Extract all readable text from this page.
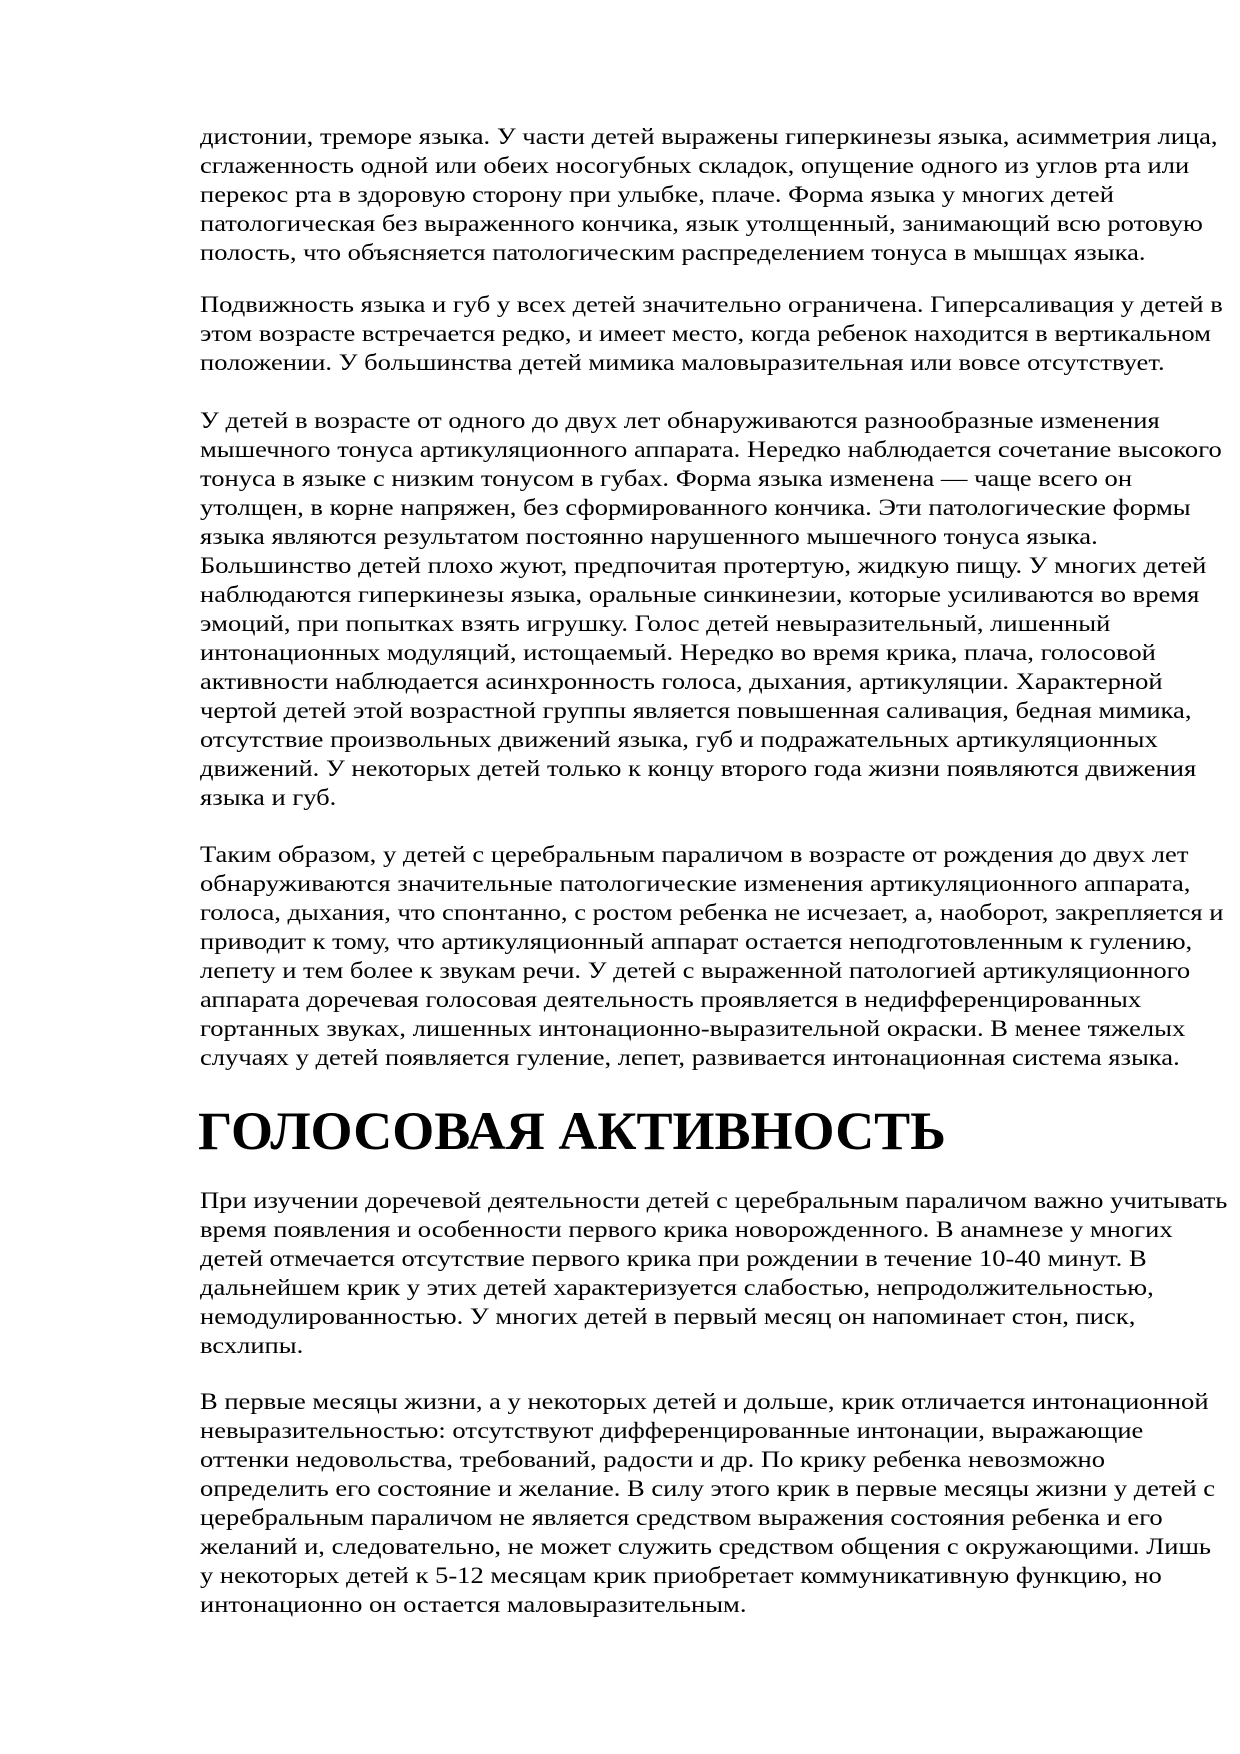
дистонии, треморе языка. У части детей выражены гиперкинезы языка, асимметрия лица,
сглаженность одной или обеих носогубных складок, опущение одного из углов рта или
перекос рта в здоровую сторону при улыбке, плаче. Форма языка у многих детей
патологическая без выраженного кончика, язык утолщенный, занимающий всю ротовую
полость, что объясняется патологическим распределением тонуса в мышцах языка.
Подвижность языка и губ у всех детей значительно ограничена. Гиперсаливация у детей в
этом возрасте встречается редко, и имеет место, когда ребенок находится в вертикальном
положении. У большинства детей мимика маловыразительная или вовсе отсутствует.
У детей в возрасте от одного до двух лет обнаруживаются разнообразные изменения
мышечного тонуса артикуляционного аппарата. Нередко наблюдается сочетание высокого
тонуса в языке с низким тонусом в губах. Форма языка изменена — чаще всего он
утолщен, в корне напряжен, без сформированного кончика. Эти патологические формы
языка являются результатом постоянно нарушенного мышечного тонуса языка.
Большинство детей плохо жуют, предпочитая протертую, жидкую пищу. У многих детей
наблюдаются гиперкинезы языка, оральные синкинезии, которые усиливаются во время
эмоций, при попытках взять игрушку. Голос детей невыразительный, лишенный
интонационных модуляций, истощаемый. Нередко во время крика, плача, голосовой
активности наблюдается асинхронность голоса, дыхания, артикуляции. Характерной
чертой детей этой возрастной группы является повышенная саливация, бедная мимика,
отсутствие произвольных движений языка, губ и подражательных артикуляционных
движений. У некоторых детей только к концу второго года жизни появляются движения
языка и губ.
Таким образом, у детей с церебральным параличом в возрасте от рождения до двух лет
обнаруживаются значительные патологические изменения артикуляционного аппарата,
голоса, дыхания, что спонтанно, с ростом ребенка не исчезает, а, наоборот, закрепляется и
приводит к тому, что артикуляционный аппарат остается неподготовленным к гулению,
лепету и тем более к звукам речи. У детей с выраженной патологией артикуляционного
аппарата доречевая голосовая деятельность проявляется в недифференцированных
гортанных звуках, лишенных интонационно-выразительной окраски. В менее тяжелых
случаях у детей появляется гуление, лепет, развивается интонационная система языка.
ГОЛОСОВАЯ АКТИВНОСТЬ
При изучении доречевой деятельности детей с церебральным параличом важно учитывать
время появления и особенности первого крика новорожденного. В анамнезе у многих
детей отмечается отсутствие первого крика при рождении в течение 10-40 минут. В
дальнейшем крик у этих детей характеризуется слабостью, непродолжительностью,
немодулированностью. У многих детей в первый месяц он напоминает стон, писк,
всхлипы.
В первые месяцы жизни, а у некоторых детей и дольше, крик отличается интонационной
невыразительностью: отсутствуют дифференцированные интонации, выражающие
оттенки недовольства, требований, радости и др. По крику ребенка невозможно
определить его состояние и желание. В силу этого крик в первые месяцы жизни у детей с
церебральным параличом не является средством выражения состояния ребенка и его
желаний и, следовательно, не может служить средством общения с окружающими. Лишь
у некоторых детей к 5-12 месяцам крик приобретает коммуникативную функцию, но
интонационно он остается маловыразительным.
